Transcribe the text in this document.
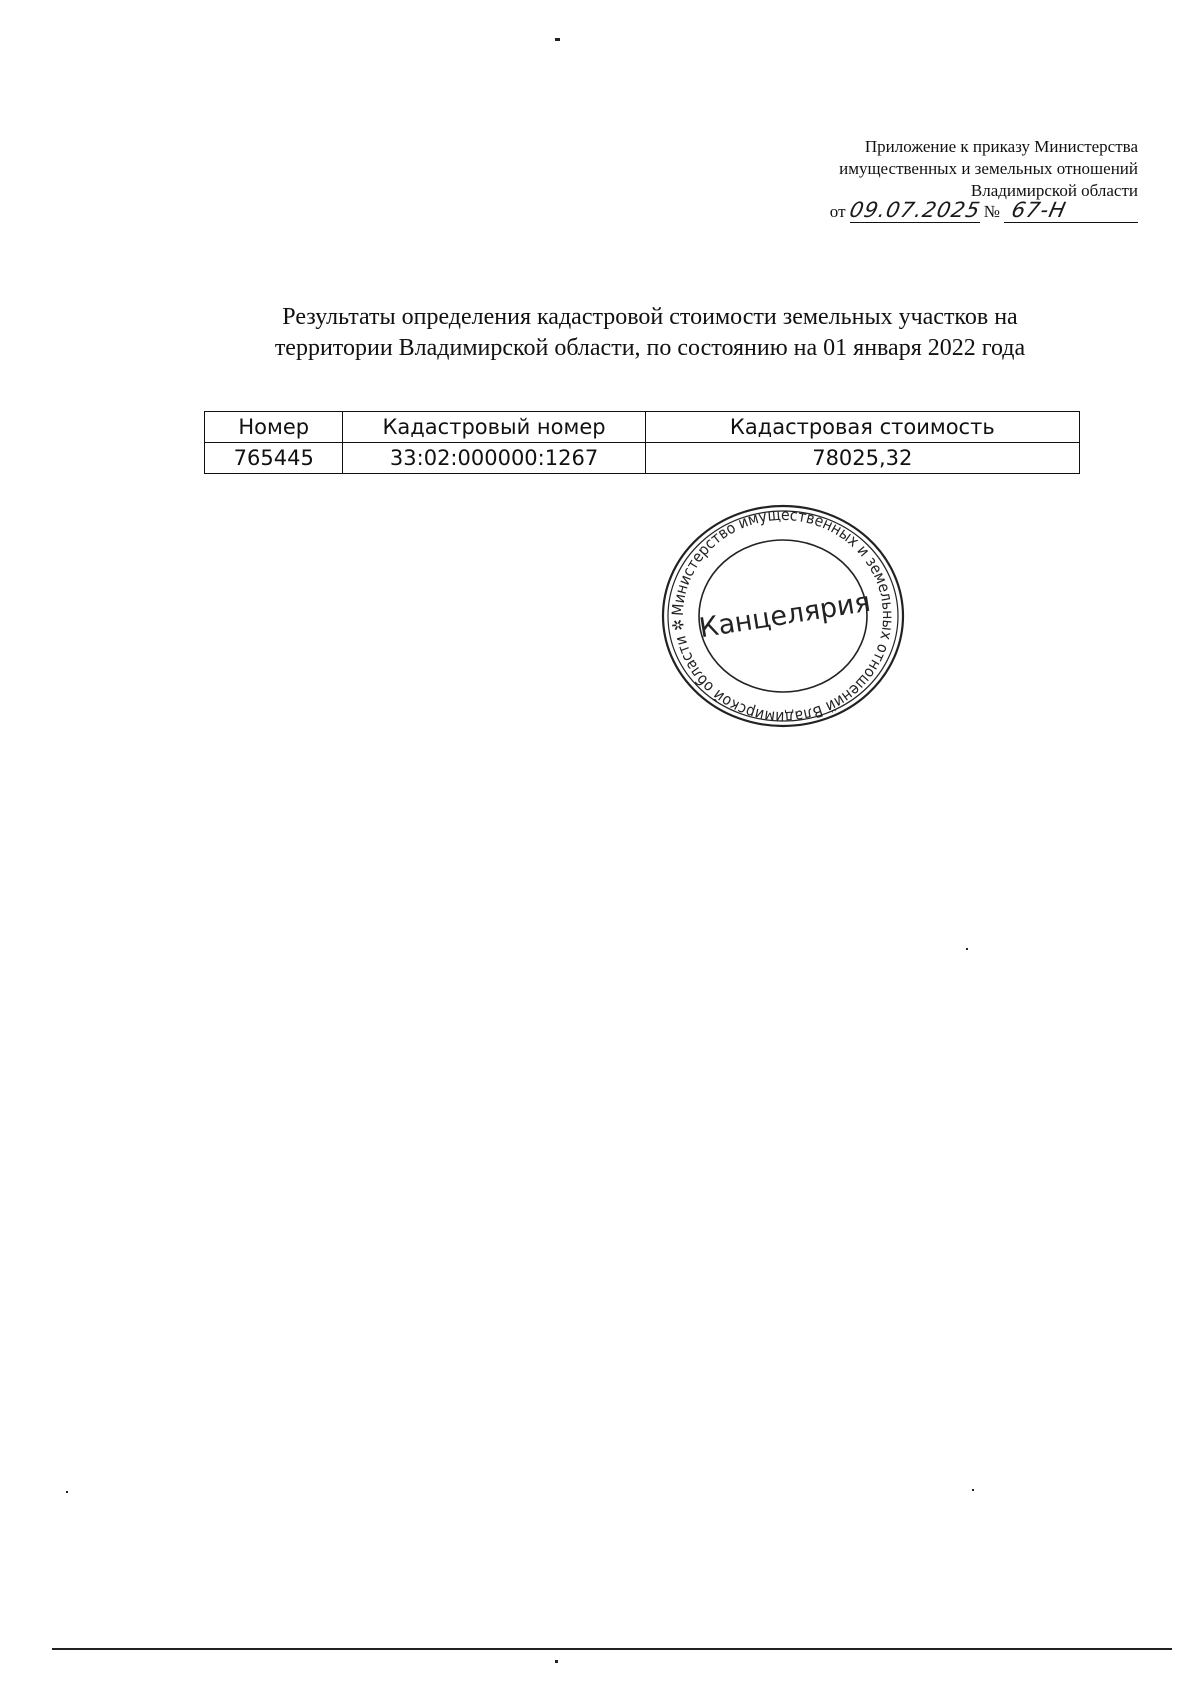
Приложение к приказу Министерства
имущественных и земельных отношений
Владимирской области
от 09.07.2025 № 67-Н
Результаты определения кадастровой стоимости земельных участков на
территории Владимирской области, по состоянию на 01 января 2022 года
Номер	Кадастровый номер	Кадастровая стоимость
765445	33:02:000000:1267	78025,32
Министерство имущественных и земельных отношений Владимирской области ✲ Канцелярия
